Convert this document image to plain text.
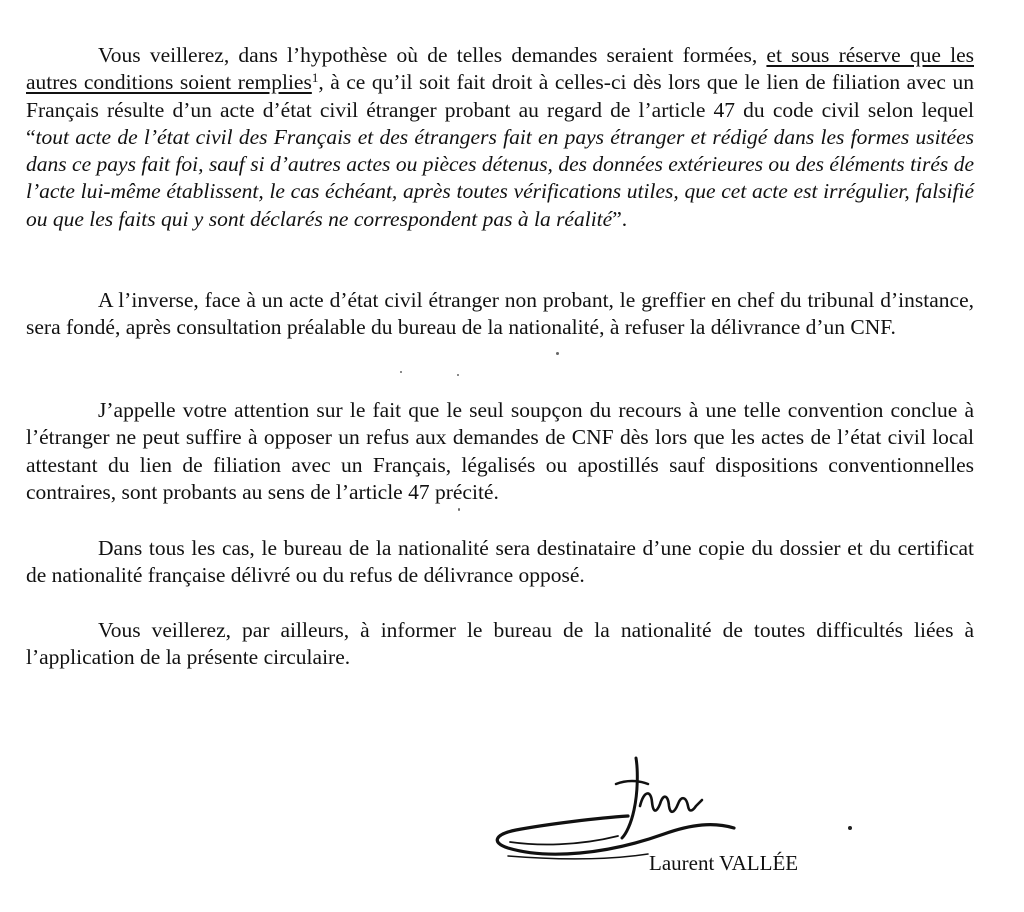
Vous veillerez, dans l’hypothèse où de telles demandes seraient formées, et sous réserve que les autres conditions soient remplies$^1$, à ce qu’il soit fait droit à celles-ci dès lors que le lien de filiation avec un Français résulte d’un acte d’état civil étranger probant au regard de l’article 47 du code civil selon lequel “tout acte de l’état civil des Français et des étrangers fait en pays étranger et rédigé dans les formes usitées dans ce pays fait foi, sauf si d’autres actes ou pièces détenus, des données extérieures ou des éléments tirés de l’acte lui-même établissent, le cas échéant, après toutes vérifications utiles, que cet acte est irrégulier, falsifié ou que les faits qui y sont déclarés ne correspondent pas à la réalité”.

A l’inverse, face à un acte d’état civil étranger non probant, le greffier en chef du tribunal d’instance, sera fondé, après consultation préalable du bureau de la nationalité, à refuser la délivrance d’un CNF.

J’appelle votre attention sur le fait que le seul soupçon du recours à une telle convention conclue à l’étranger ne peut suffire à opposer un refus aux demandes de CNF dès lors que les actes de l’état civil local attestant du lien de filiation avec un Français, légalisés ou apostillés sauf dispositions conventionnelles contraires, sont probants au sens de l’article 47 précité.

Dans tous les cas, le bureau de la nationalité sera destinataire d’une copie du dossier et du certificat de nationalité française délivré ou du refus de délivrance opposé.

Vous veillerez, par ailleurs, à informer le bureau de la nationalité de toutes difficultés liées à l’application de la présente circulaire.

Laurent VALLÉE
